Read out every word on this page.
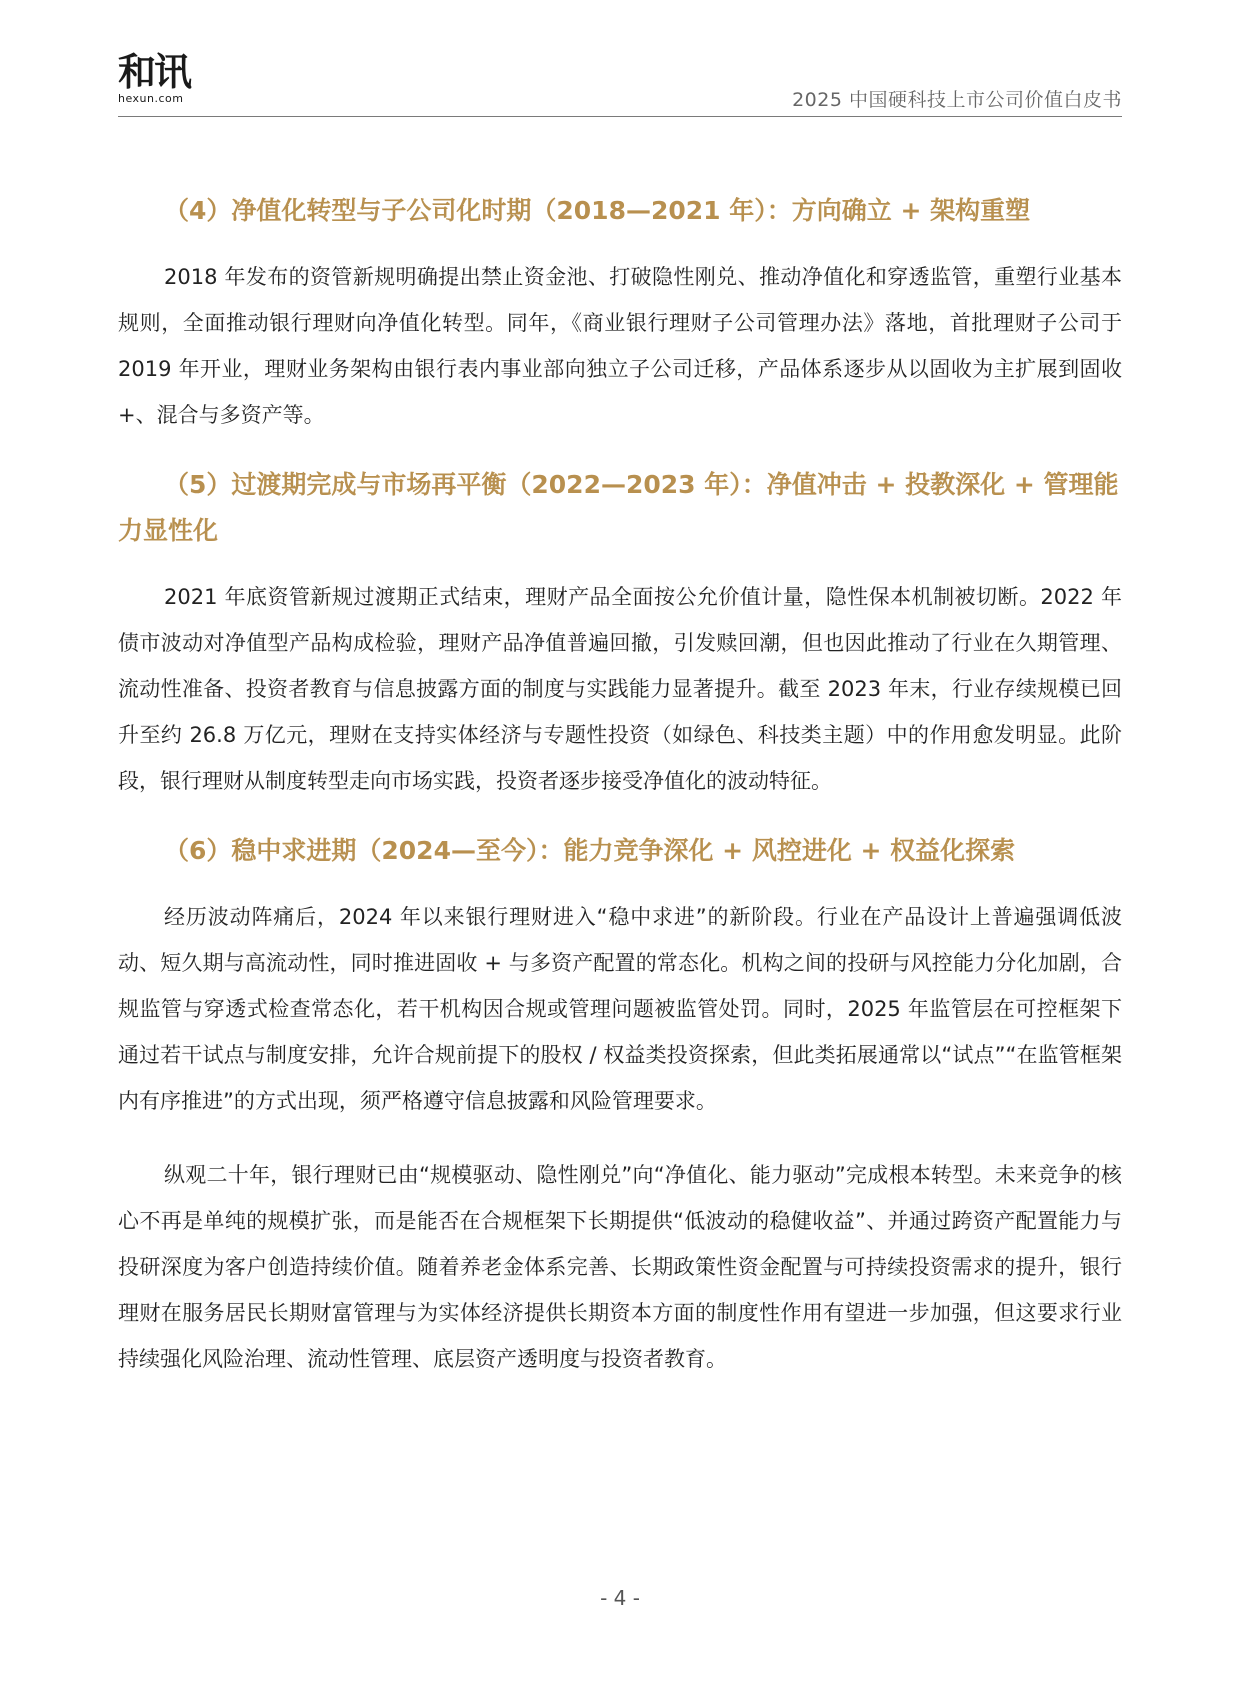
和讯
hexun.com	2025 中国硬科技上市公司价值白皮书

（4）净值化转型与子公司化时期（2018—2021 年）：方向确立 + 架构重塑

2018 年发布的资管新规明确提出禁止资金池、打破隐性刚兑、推动净值化和穿透监管，重塑行业基本规则，全面推动银行理财向净值化转型。同年，《商业银行理财子公司管理办法》落地，首批理财子公司于 2019 年开业，理财业务架构由银行表内事业部向独立子公司迁移，产品体系逐步从以固收为主扩展到固收 +、混合与多资产等。

（5）过渡期完成与市场再平衡（2022—2023 年）：净值冲击 + 投教深化 + 管理能力显性化

2021 年底资管新规过渡期正式结束，理财产品全面按公允价值计量，隐性保本机制被切断。2022 年债市波动对净值型产品构成检验，理财产品净值普遍回撤，引发赎回潮，但也因此推动了行业在久期管理、流动性准备、投资者教育与信息披露方面的制度与实践能力显著提升。截至 2023 年末，行业存续规模已回升至约 26.8 万亿元，理财在支持实体经济与专题性投资（如绿色、科技类主题）中的作用愈发明显。此阶段，银行理财从制度转型走向市场实践，投资者逐步接受净值化的波动特征。

（6）稳中求进期（2024—至今）：能力竞争深化 + 风控进化 + 权益化探索

经历波动阵痛后，2024 年以来银行理财进入“稳中求进”的新阶段。行业在产品设计上普遍强调低波动、短久期与高流动性，同时推进固收 + 与多资产配置的常态化。机构之间的投研与风控能力分化加剧，合规监管与穿透式检查常态化，若干机构因合规或管理问题被监管处罚。同时，2025 年监管层在可控框架下通过若干试点与制度安排，允许合规前提下的股权 / 权益类投资探索，但此类拓展通常以“试点”“在监管框架内有序推进”的方式出现，须严格遵守信息披露和风险管理要求。

纵观二十年，银行理财已由“规模驱动、隐性刚兑”向“净值化、能力驱动”完成根本转型。未来竞争的核心不再是单纯的规模扩张，而是能否在合规框架下长期提供“低波动的稳健收益”、并通过跨资产配置能力与投研深度为客户创造持续价值。随着养老金体系完善、长期政策性资金配置与可持续投资需求的提升，银行理财在服务居民长期财富管理与为实体经济提供长期资本方面的制度性作用有望进一步加强，但这要求行业持续强化风险治理、流动性管理、底层资产透明度与投资者教育。

- 4 -
